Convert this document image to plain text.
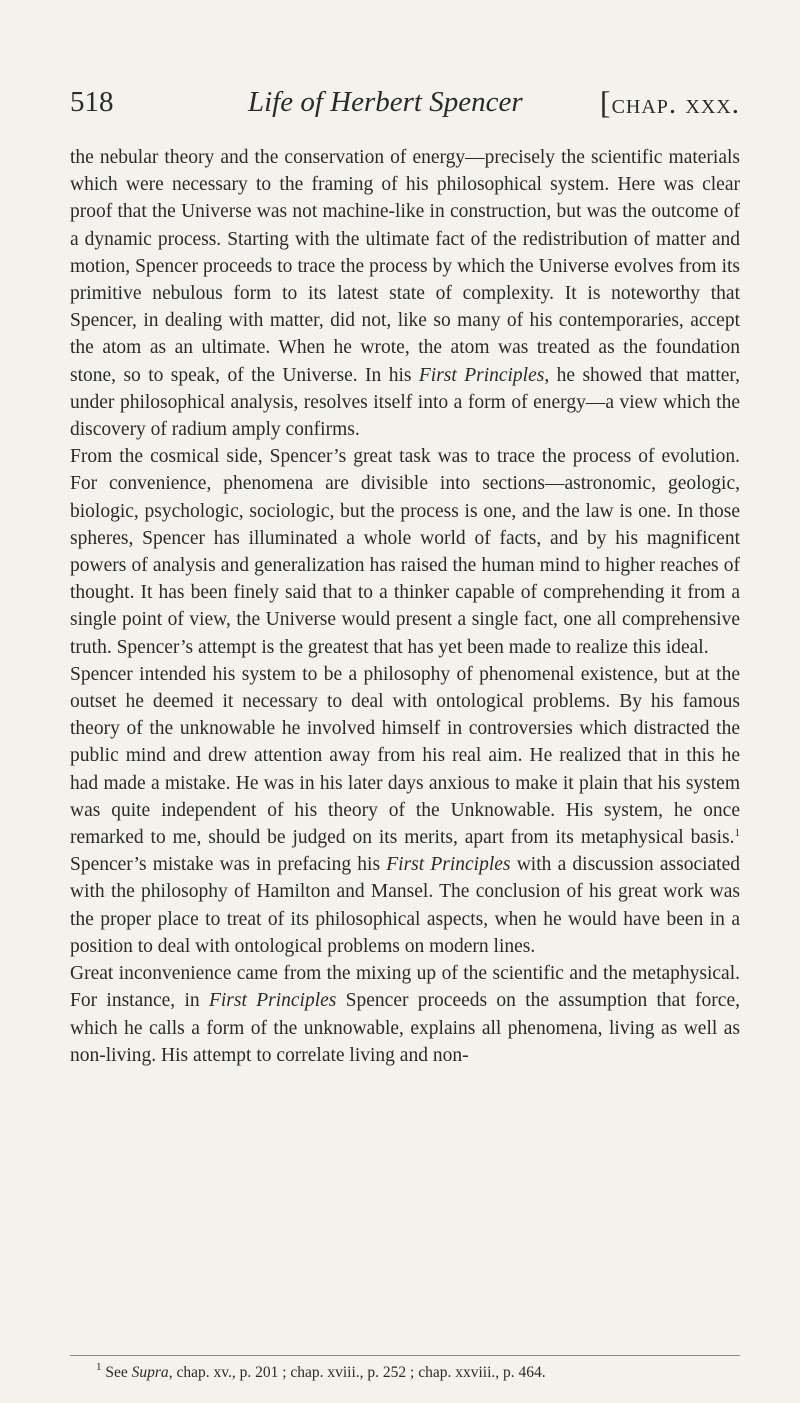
518	Life of Herbert Spencer [chap. xxx.

the nebular theory and the conservation of energy—precisely the scientific materials which were necessary to the framing of his philosophical system. Here was clear proof that the Universe was not machine-like in construction, but was the outcome of a dynamic process. Starting with the ultimate fact of the redistribution of matter and motion, Spencer proceeds to trace the process by which the Universe evolves from its primitive nebulous form to its latest state of complexity. It is noteworthy that Spencer, in dealing with matter, did not, like so many of his contemporaries, accept the atom as an ultimate. When he wrote, the atom was treated as the foundation stone, so to speak, of the Universe. In his First Principles, he showed that matter, under philosophical analysis, resolves itself into a form of energy—a view which the discovery of radium amply confirms.

From the cosmical side, Spencer’s great task was to trace the process of evolution. For convenience, phenomena are divisible into sections—astronomic, geologic, biologic, psychologic, sociologic, but the process is one, and the law is one. In those spheres, Spencer has illuminated a whole world of facts, and by his magnificent powers of analysis and generalization has raised the human mind to higher reaches of thought. It has been finely said that to a thinker capable of comprehending it from a single point of view, the Universe would present a single fact, one all comprehensive truth. Spencer’s attempt is the greatest that has yet been made to realize this ideal.

Spencer intended his system to be a philosophy of phenomenal existence, but at the outset he deemed it necessary to deal with ontological problems. By his famous theory of the unknowable he involved himself in controversies which distracted the public mind and drew attention away from his real aim. He realized that in this he had made a mistake. He was in his later days anxious to make it plain that his system was quite independent of his theory of the Unknowable. His system, he once remarked to me, should be judged on its merits, apart from its metaphysical basis.$^1$ Spencer’s mistake was in prefacing his First Principles with a discussion associated with the philosophy of Hamilton and Mansel. The conclusion of his great work was the proper place to treat of its philosophical aspects, when he would have been in a position to deal with ontological problems on modern lines.

Great inconvenience came from the mixing up of the scientific and the metaphysical. For instance, in First Principles Spencer proceeds on the assumption that force, which he calls a form of the unknowable, explains all phenomena, living as well as non-living. His attempt to correlate living and non-

$^1$ See Supra, chap. xv., p. 201 ; chap. xviii., p. 252 ; chap. xxviii., p. 464.
